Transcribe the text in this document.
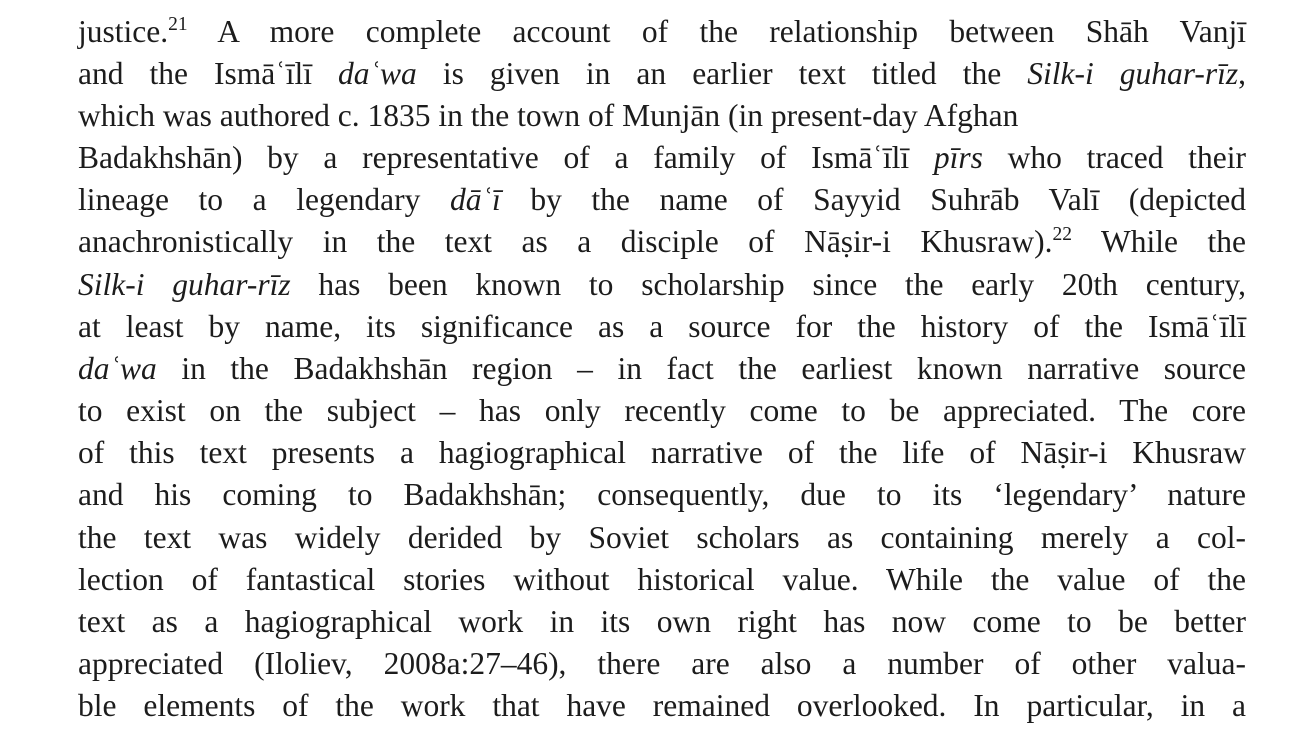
justice.$^{21}$ A more complete account of the relationship between Shāh Vanjī
and the Ismāʿīlī daʿwa is given in an earlier text titled the Silk-i guhar-rīz,
which was authored c. 1835 in the town of Munjān (in present-day Afghan
Badakhshān) by a representative of a family of Ismāʿīlī pīrs who traced their
lineage to a legendary dāʿī by the name of Sayyid Suhrāb Valī (depicted
anachronistically in the text as a disciple of Nāṣir-i Khusraw).$^{22}$ While the
Silk-i guhar-rīz has been known to scholarship since the early 20th century,
at least by name, its significance as a source for the history of the Ismāʿīlī
daʿwa in the Badakhshān region – in fact the earliest known narrative source
to exist on the subject – has only recently come to be appreciated. The core
of this text presents a hagiographical narrative of the life of Nāṣir-i Khusraw
and his coming to Badakhshān; consequently, due to its ‘legendary’ nature
the text was widely derided by Soviet scholars as containing merely a col-
lection of fantastical stories without historical value. While the value of the
text as a hagiographical work in its own right has now come to be better
appreciated (Iloliev, 2008a:27–46), there are also a number of other valua-
ble elements of the work that have remained overlooked. In particular, in a
